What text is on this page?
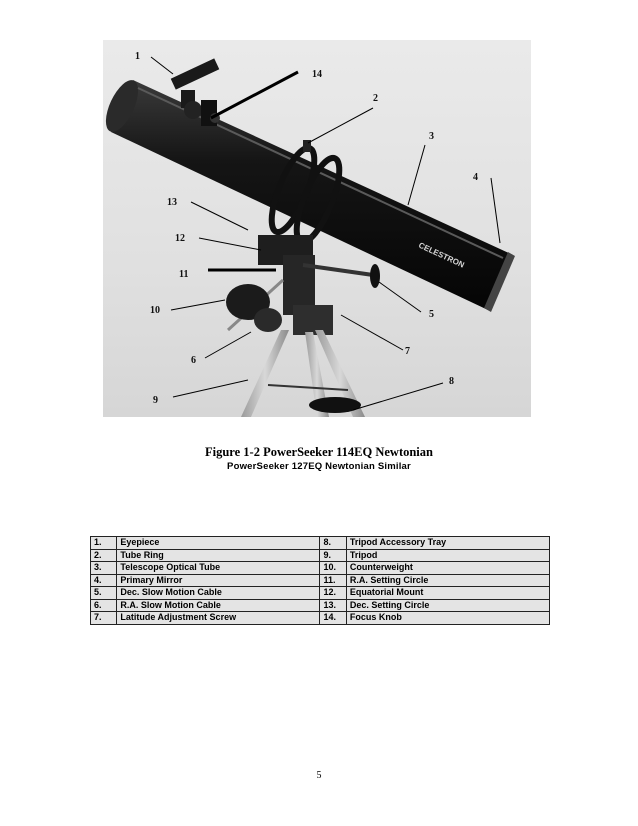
CELESTRON
1
14
2
3
4
13
12
11
10	5
7
6
8
9
Figure 1-2 PowerSeeker 114EQ Newtonian
PowerSeeker 127EQ Newtonian Similar
1.	Eyepiece	8.	Tripod Accessory Tray
2.	Tube Ring	9.	Tripod
3.	Telescope Optical Tube	10.	Counterweight
4.	Primary Mirror	11.	R.A. Setting Circle
5.	Dec. Slow Motion Cable	12.	Equatorial Mount
6.	R.A. Slow Motion Cable	13.	Dec. Setting Circle
7.	Latitude Adjustment Screw	14.	Focus Knob
5
